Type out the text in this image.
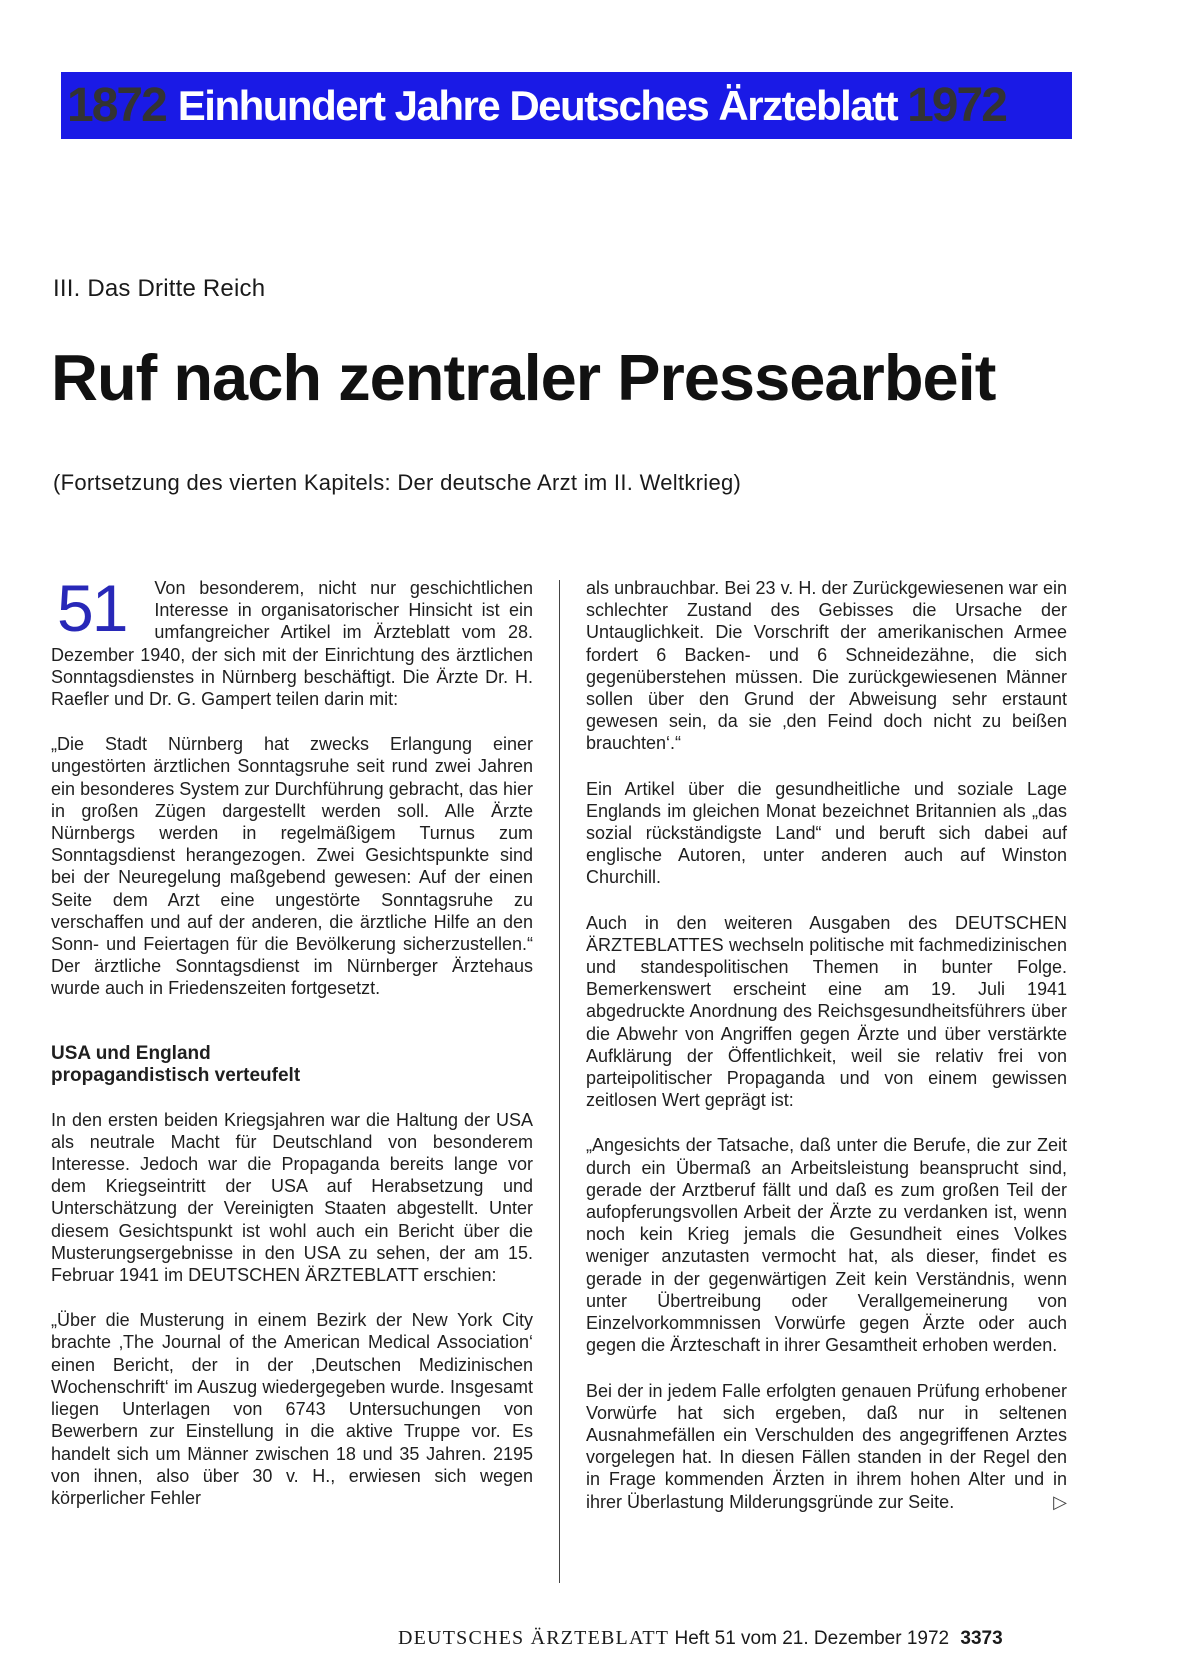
1872 Einhundert Jahre Deutsches Ärzteblatt 1972
III. Das Dritte Reich
Ruf nach zentraler Pressearbeit
(Fortsetzung des vierten Kapitels: Der deutsche Arzt im II. Weltkrieg)

51 Von besonderem, nicht nur geschichtlichen Interesse in organisatorischer Hinsicht ist ein umfangreicher Artikel im Ärzteblatt vom 28. Dezember 1940, der sich mit der Einrichtung des ärztlichen Sonntagsdienstes in Nürnberg beschäftigt. Die Ärzte Dr. H. Raefler und Dr. G. Gampert teilen darin mit:

„Die Stadt Nürnberg hat zwecks Erlangung einer ungestörten ärztlichen Sonntagsruhe seit rund zwei Jahren ein besonderes System zur Durchführung gebracht, das hier in großen Zügen dargestellt werden soll. Alle Ärzte Nürnbergs werden in regelmäßigem Turnus zum Sonntagsdienst herangezogen. Zwei Gesichtspunkte sind bei der Neuregelung maßgebend gewesen: Auf der einen Seite dem Arzt eine ungestörte Sonntagsruhe zu verschaffen und auf der anderen, die ärztliche Hilfe an den Sonn- und Feiertagen für die Bevölkerung sicherzustellen.“ Der ärztliche Sonntagsdienst im Nürnberger Ärztehaus wurde auch in Friedenszeiten fortgesetzt.

USA und England
propagandistisch verteufelt

In den ersten beiden Kriegsjahren war die Haltung der USA als neutrale Macht für Deutschland von besonderem Interesse. Jedoch war die Propaganda bereits lange vor dem Kriegseintritt der USA auf Herabsetzung und Unterschätzung der Vereinigten Staaten abgestellt. Unter diesem Gesichtspunkt ist wohl auch ein Bericht über die Musterungsergebnisse in den USA zu sehen, der am 15. Februar 1941 im DEUTSCHEN ÄRZTEBLATT erschien:

„Über die Musterung in einem Bezirk der New York City brachte ‚The Journal of the American Medical Association‘ einen Bericht, der in der ‚Deutschen Medizinischen Wochenschrift‘ im Auszug wiedergegeben wurde. Insgesamt liegen Unterlagen von 6743 Untersuchungen von Bewerbern zur Einstellung in die aktive Truppe vor. Es handelt sich um Männer zwischen 18 und 35 Jahren. 2195 von ihnen, also über 30 v. H., erwiesen sich wegen körperlicher Fehler

als unbrauchbar. Bei 23 v. H. der Zurückgewiesenen war ein schlechter Zustand des Gebisses die Ursache der Untauglichkeit. Die Vorschrift der amerikanischen Armee fordert 6 Backen- und 6 Schneidezähne, die sich gegenüberstehen müssen. Die zurückgewiesenen Männer sollen über den Grund der Abweisung sehr erstaunt gewesen sein, da sie ‚den Feind doch nicht zu beißen brauchten‘.“

Ein Artikel über die gesundheitliche und soziale Lage Englands im gleichen Monat bezeichnet Britannien als „das sozial rückständigste Land“ und beruft sich dabei auf englische Autoren, unter anderen auch auf Winston Churchill.

Auch in den weiteren Ausgaben des DEUTSCHEN ÄRZTEBLATTES wechseln politische mit fachmedizinischen und standespolitischen Themen in bunter Folge. Bemerkenswert erscheint eine am 19. Juli 1941 abgedruckte Anordnung des Reichsgesundheitsführers über die Abwehr von Angriffen gegen Ärzte und über verstärkte Aufklärung der Öffentlichkeit, weil sie relativ frei von parteipolitischer Propaganda und von einem gewissen zeitlosen Wert geprägt ist:

„Angesichts der Tatsache, daß unter die Berufe, die zur Zeit durch ein Übermaß an Arbeitsleistung beansprucht sind, gerade der Arztberuf fällt und daß es zum großen Teil der aufopferungsvollen Arbeit der Ärzte zu verdanken ist, wenn noch kein Krieg jemals die Gesundheit eines Volkes weniger anzutasten vermocht hat, als dieser, findet es gerade in der gegenwärtigen Zeit kein Verständnis, wenn unter Übertreibung oder Verallgemeinerung von Einzelvorkommnissen Vorwürfe gegen Ärzte oder auch gegen die Ärzteschaft in ihrer Gesamtheit erhoben werden.

Bei der in jedem Falle erfolgten genauen Prüfung erhobener Vorwürfe hat sich ergeben, daß nur in seltenen Ausnahmefällen ein Verschulden des angegriffenen Arztes vorgelegen hat. In diesen Fällen standen in der Regel den in Frage kommenden Ärzten in ihrem hohen Alter und in ihrer Überlastung Milderungsgründe zur Seite.	▷

DEUTSCHES ÄRZTEBLATT Heft 51 vom 21. Dezember 1972 3373
